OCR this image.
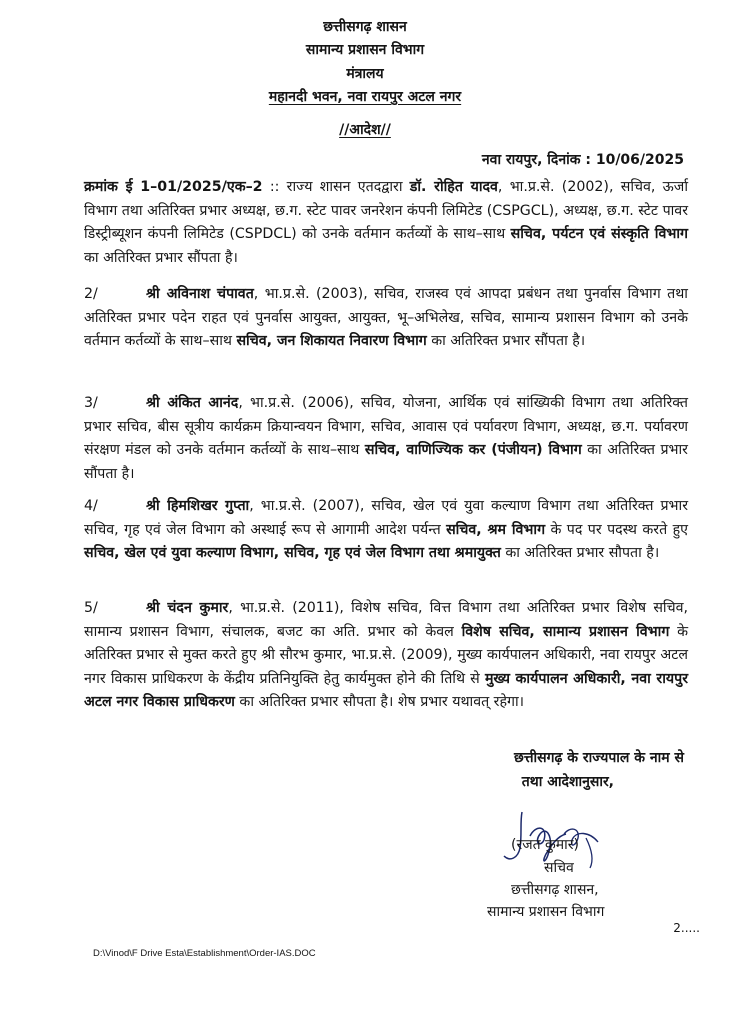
छत्तीसगढ़ शासन
सामान्य प्रशासन विभाग
मंत्रालय
महानदी भवन, नवा रायपुर अटल नगर
//आदेश//
नवा रायपुर, दिनांक : 10/06/2025
क्रमांक ई 1–01/2025/एक–2 :: राज्य शासन एतदद्वारा डॉ. रोहित यादव, भा.प्र.से. (2002), सचिव, ऊर्जा विभाग तथा अतिरिक्त प्रभार अध्यक्ष, छ.ग. स्टेट पावर जनरेशन कंपनी लिमिटेड (CSPGCL), अध्यक्ष, छ.ग. स्टेट पावर डिस्ट्रीब्यूशन कंपनी लिमिटेड (CSPDCL) को उनके वर्तमान कर्तव्यों के साथ–साथ सचिव, पर्यटन एवं संस्कृति विभाग का अतिरिक्त प्रभार सौंपता है।
2/	श्री अविनाश चंपावत, भा.प्र.से. (2003), सचिव, राजस्व एवं आपदा प्रबंधन तथा पुनर्वास विभाग तथा अतिरिक्त प्रभार पदेन राहत एवं पुनर्वास आयुक्त, आयुक्त, भू–अभिलेख, सचिव, सामान्य प्रशासन विभाग को उनके वर्तमान कर्तव्यों के साथ–साथ सचिव, जन शिकायत निवारण विभाग का अतिरिक्त प्रभार सौंपता है।
3/	श्री अंकित आनंद, भा.प्र.से. (2006), सचिव, योजना, आर्थिक एवं सांख्यिकी विभाग तथा अतिरिक्त प्रभार सचिव, बीस सूत्रीय कार्यक्रम क्रियान्वयन विभाग, सचिव, आवास एवं पर्यावरण विभाग, अध्यक्ष, छ.ग. पर्यावरण संरक्षण मंडल को उनके वर्तमान कर्तव्यों के साथ–साथ सचिव, वाणिज्यिक कर (पंजीयन) विभाग का अतिरिक्त प्रभार सौंपता है।
4/	श्री हिमशिखर गुप्ता, भा.प्र.से. (2007), सचिव, खेल एवं युवा कल्याण विभाग तथा अतिरिक्त प्रभार सचिव, गृह एवं जेल विभाग को अस्थाई रूप से आगामी आदेश पर्यन्त सचिव, श्रम विभाग के पद पर पदस्थ करते हुए सचिव, खेल एवं युवा कल्याण विभाग, सचिव, गृह एवं जेल विभाग तथा श्रमायुक्त का अतिरिक्त प्रभार सौपता है।
5/	श्री चंदन कुमार, भा.प्र.से. (2011), विशेष सचिव, वित्त विभाग तथा अतिरिक्त प्रभार विशेष सचिव, सामान्य प्रशासन विभाग, संचालक, बजट का अति. प्रभार को केवल विशेष सचिव, सामान्य प्रशासन विभाग के अतिरिक्त प्रभार से मुक्त करते हुए श्री सौरभ कुमार, भा.प्र.से. (2009), मुख्य कार्यपालन अधिकारी, नवा रायपुर अटल नगर विकास प्राधिकरण के केंद्रीय प्रतिनियुक्ति हेतु कार्यमुक्त होने की तिथि से मुख्य कार्यपालन अधिकारी, नवा रायपुर अटल नगर विकास प्राधिकरण का अतिरिक्त प्रभार सौपता है। शेष प्रभार यथावत् रहेगा।
छत्तीसगढ़ के राज्यपाल के नाम से
तथा आदेशानुसार,
(रजत कुमार)
सचिव
छत्तीसगढ़ शासन,
सामान्य प्रशासन विभाग
2.....
D:\Vinod\F Drive Esta\Establishment\Order-IAS.DOC
